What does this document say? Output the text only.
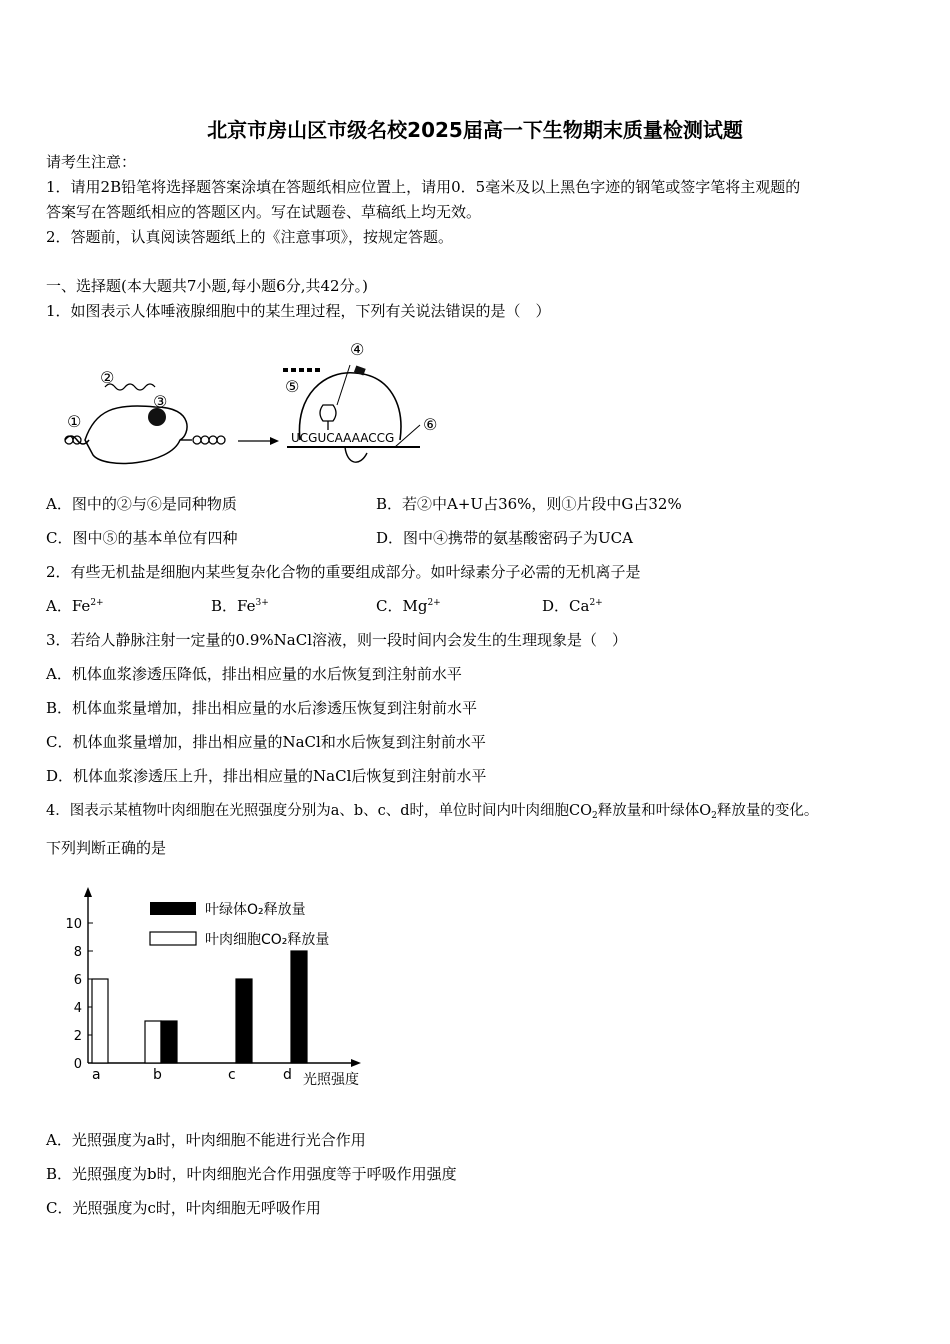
北京市房山区市级名校2025届高一下生物期末质量检测试题
请考生注意：
1．请用2B铅笔将选择题答案涂填在答题纸相应位置上，请用0．5毫米及以上黑色字迹的钢笔或签字笔将主观题的
答案写在答题纸相应的答题区内。写在试题卷、草稿纸上均无效。
2．答题前，认真阅读答题纸上的《注意事项》，按规定答题。
一、选择题(本大题共7小题,每小题6分,共42分。)
1．如图表示人体唾液腺细胞中的某生理过程，下列有关说法错误的是（　）
①
②
③
UCGUCAAAACCG
④
⑤
⑥
A．图中的②与⑥是同种物质	B．若②中A+U占36%，则①片段中G占32%
C．图中⑤的基本单位有四种	D．图中④携带的氨基酸密码子为UCA
2．有些无机盐是细胞内某些复杂化合物的重要组成部分。如叶绿素分子必需的无机离子是
A．$Fe^{2+}$	B．$Fe^{3+}$	C．$Mg^{2+}$	D．$Ca^{2+}$
3．若给人静脉注射一定量的0.9%NaCl溶液，则一段时间内会发生的生理现象是（　）
A．机体血浆渗透压降低，排出相应量的水后恢复到注射前水平
B．机体血浆量增加，排出相应量的水后渗透压恢复到注射前水平
C．机体血浆量增加，排出相应量的NaCl和水后恢复到注射前水平
D．机体血浆渗透压上升，排出相应量的NaCl后恢复到注射前水平
4．图表示某植物叶肉细胞在光照强度分别为a、b、c、d时，单位时间内叶肉细胞$CO_2$释放量和叶绿体$O_2$释放量的变化。
下列判断正确的是
0
2
4
6
8
10
a	b	c	d
叶绿体O₂释放量
叶肉细胞CO₂释放量
光照强度
A．光照强度为a时，叶肉细胞不能进行光合作用
B．光照强度为b时，叶肉细胞光合作用强度等于呼吸作用强度
C．光照强度为c时，叶肉细胞无呼吸作用
